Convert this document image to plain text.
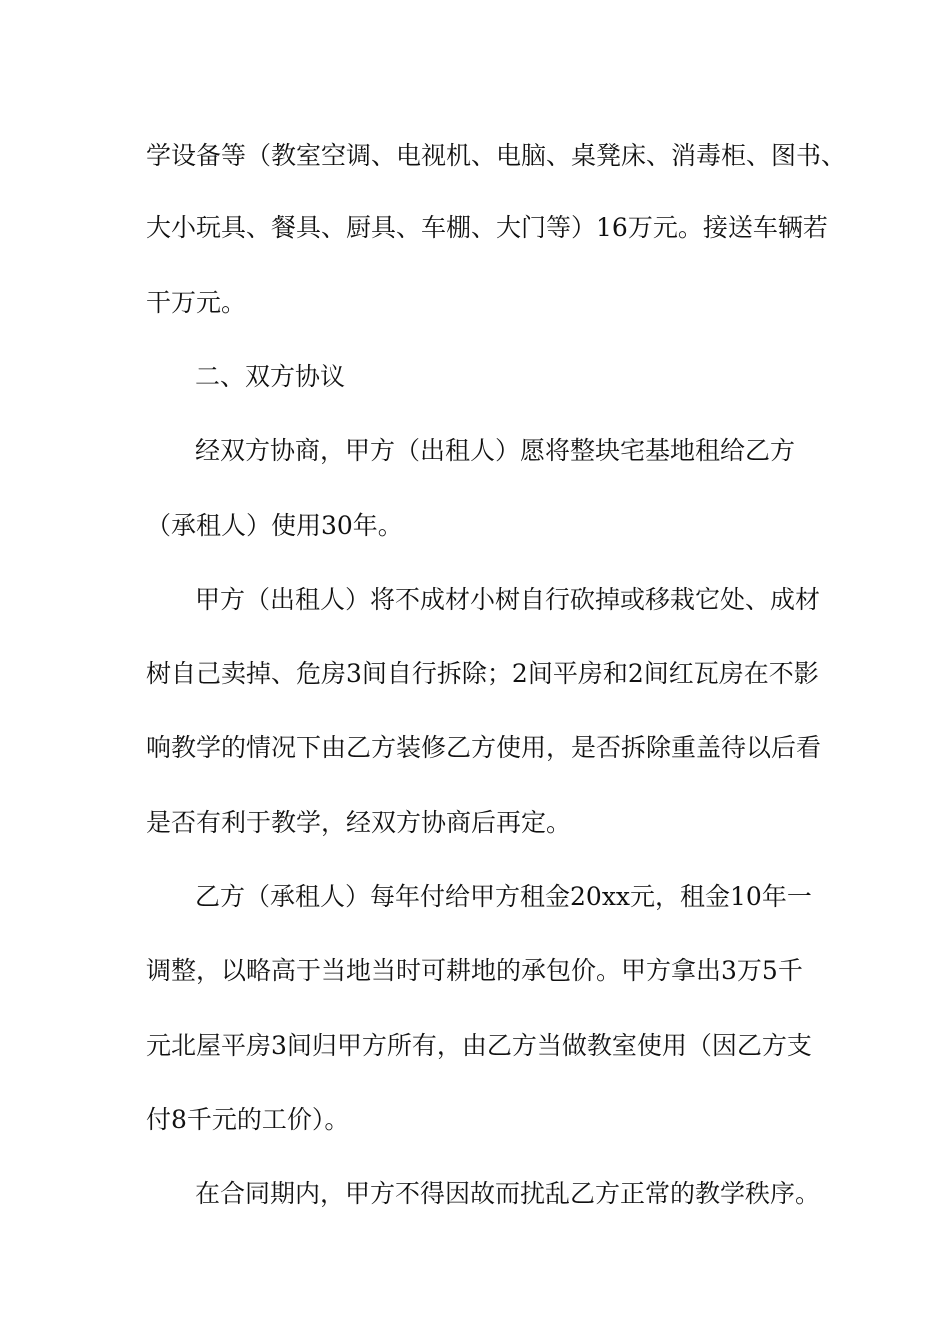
学设备等（教室空调、电视机、电脑、桌凳床、消毒柜、图书、
大小玩具、餐具、厨具、车棚、大门等）16万元。接送车辆若
干万元。
二、双方协议
经双方协商，甲方（出租人）愿将整块宅基地租给乙方
（承租人）使用30年。
甲方（出租人）将不成材小树自行砍掉或移栽它处、成材
树自己卖掉、危房3间自行拆除；2间平房和2间红瓦房在不影
响教学的情况下由乙方装修乙方使用，是否拆除重盖待以后看
是否有利于教学，经双方协商后再定。
乙方（承租人）每年付给甲方租金20xx元，租金10年一
调整，以略高于当地当时可耕地的承包价。甲方拿出3万5千
元北屋平房3间归甲方所有，由乙方当做教室使用（因乙方支
付8千元的工价）。
在合同期内，甲方不得因故而扰乱乙方正常的教学秩序。
